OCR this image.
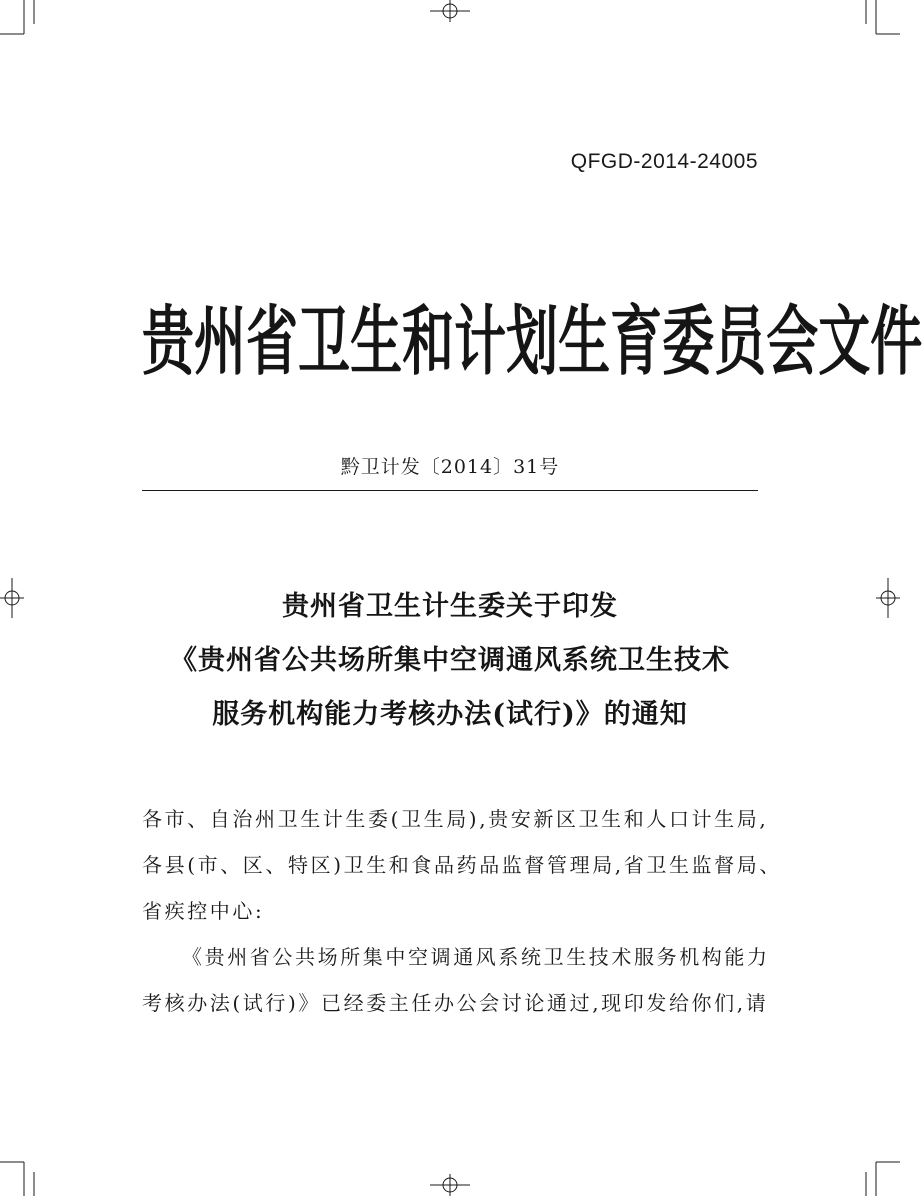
QFGD-2014-24005
贵 州 省 卫 生 和 计 划 生 育 委 员 会 文 件
黔卫计发〔2014〕31号
贵州省卫生计生委关于印发
《贵州省公共场所集中空调通风系统卫生技术
服务机构能力考核办法(试行)》的通知

各市、自治州卫生计生委(卫生局),贵安新区卫生和人口计生局,

各县(市、区、特区)卫生和食品药品监督管理局,省卫生监督局、

省疾控中心:

《贵州省公共场所集中空调通风系统卫生技术服务机构能力

考核办法(试行)》已经委主任办公会讨论通过,现印发给你们,请
